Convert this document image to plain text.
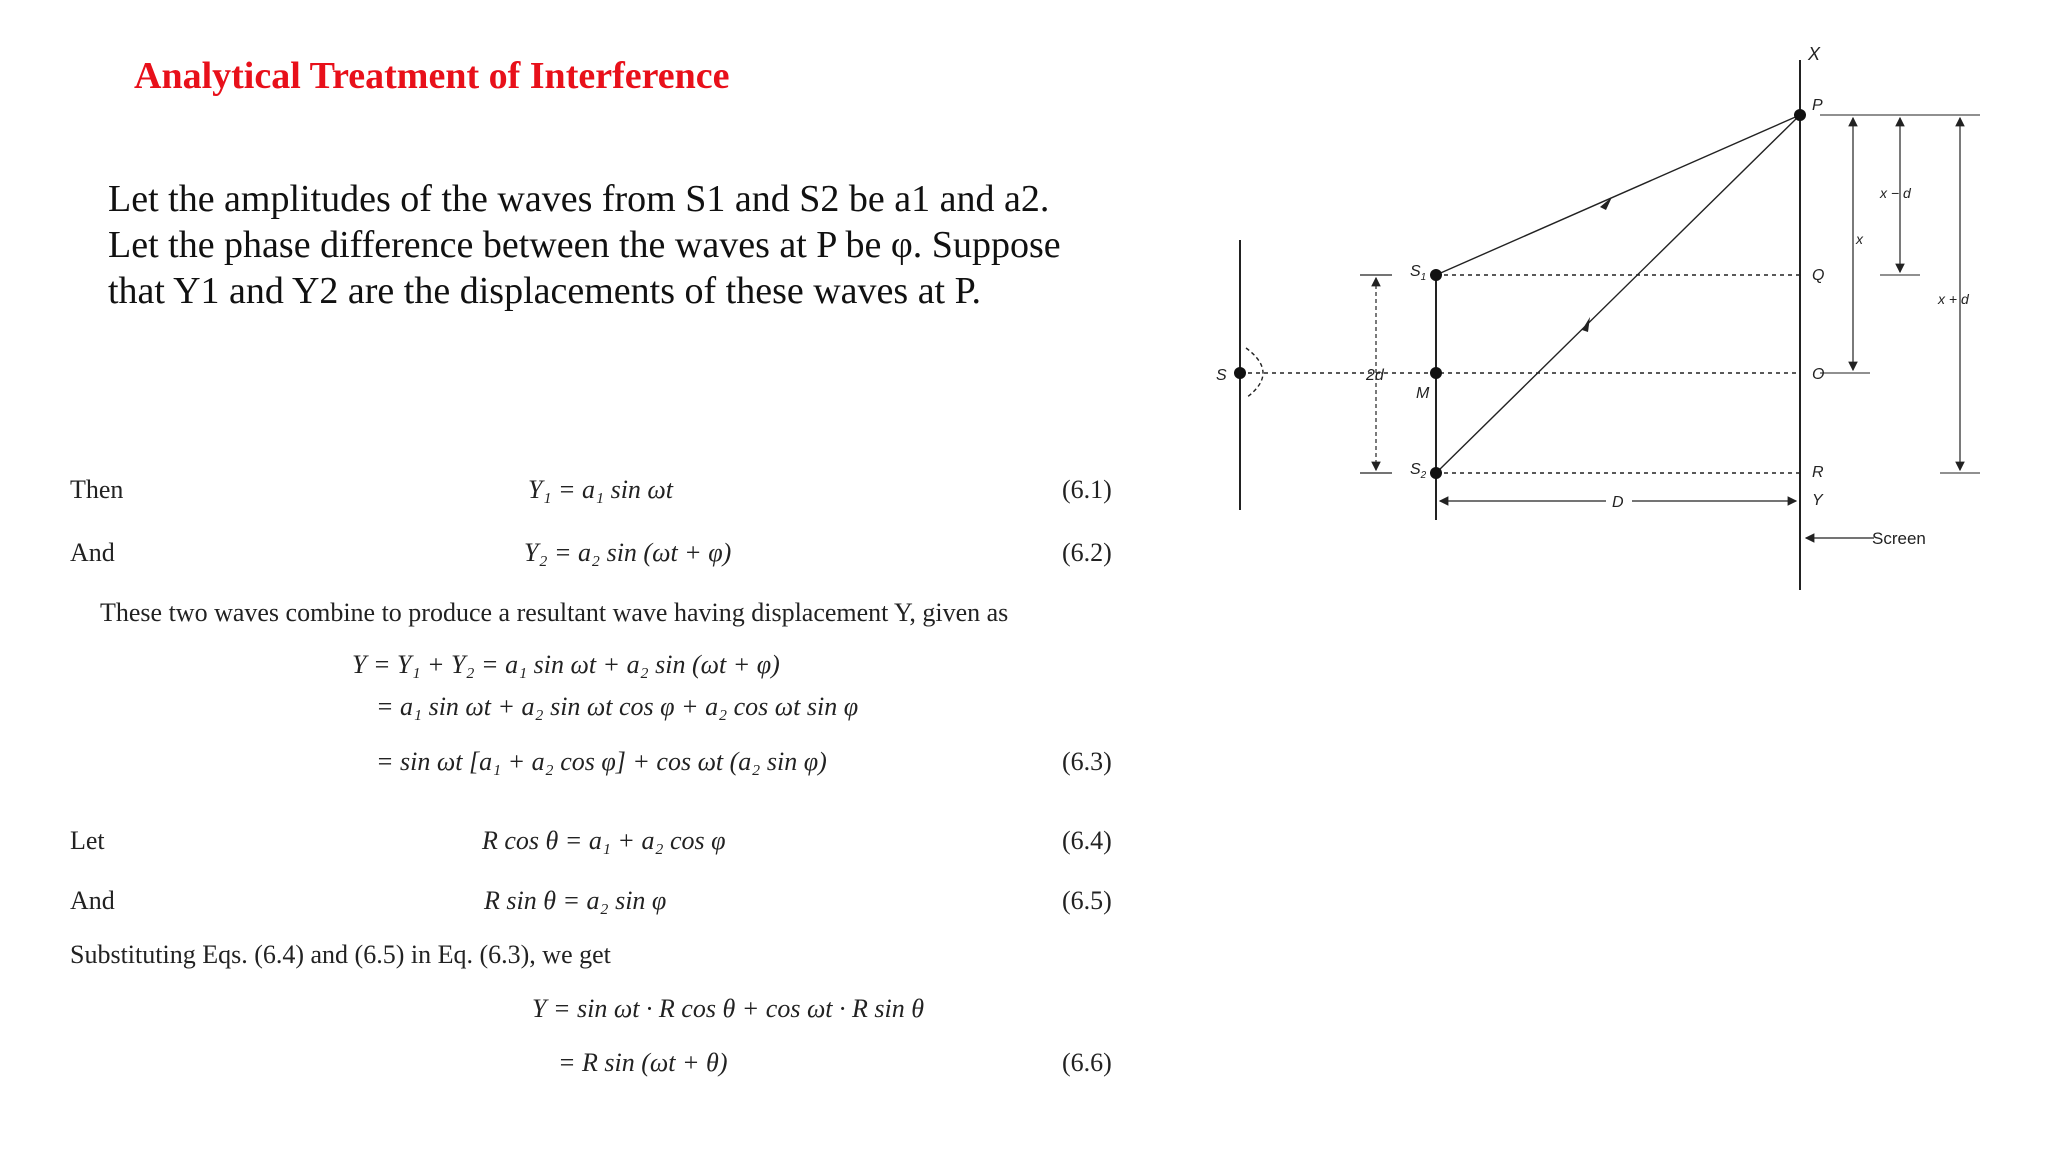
Analytical Treatment of Interference
Let the amplitudes of the waves from S1 and S2 be a1 and a2.
Let the phase difference between the waves at P be φ. Suppose
that Y1 and Y2 are the displacements of these waves at P.
Then	Y₁ = a₁ sin ωt	(6.1)
And	Y₂ = a₂ sin (ωt + φ)	(6.2)
These two waves combine to produce a resultant wave having displacement Y, given as
Y = Y₁ + Y₂ = a₁ sin ωt + a₂ sin (ωt + φ)
= a₁ sin ωt + a₂ sin ωt cos φ + a₂ cos ωt sin φ
= sin ωt [a₁ + a₂ cos φ] + cos ωt (a₂ sin φ)	(6.3)
Let	R cos θ = a₁ + a₂ cos φ	(6.4)
And	R sin θ = a₂ sin φ	(6.5)
Substituting Eqs. (6.4) and (6.5) in Eq. (6.3), we get
Y = sin ωt · R cos θ + cos ωt · R sin θ
= R sin (ωt + θ)	(6.6)
X
P
Q
O
R
Y
S
$S_1$
$S_2$
M
2d
D
x
x − d
x + d
Screen
